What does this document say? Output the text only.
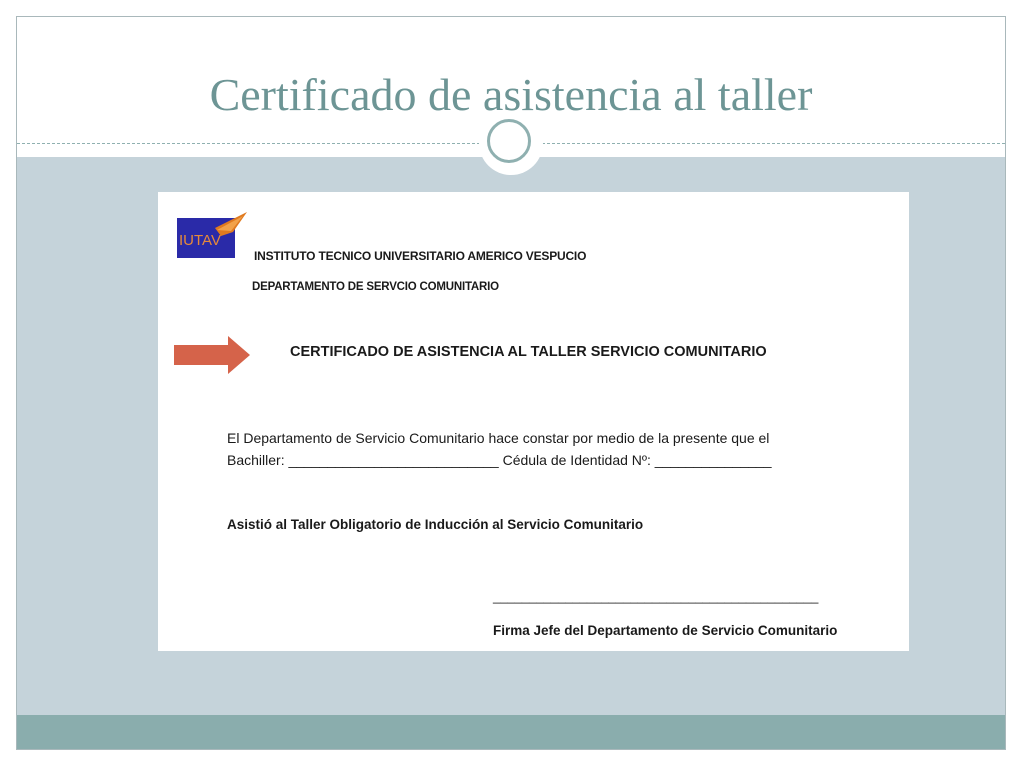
Certificado de asistencia al taller
IUTAV
INSTITUTO TECNICO UNIVERSITARIO AMERICO VESPUCIO
DEPARTAMENTO DE SERVCIO COMUNITARIO
CERTIFICADO DE ASISTENCIA AL TALLER SERVICIO COMUNITARIO

El Departamento de Servicio Comunitario hace constar por medio de la presente que el

Bachiller: ___________________________ Cédula de Identidad Nº: _______________

Asistió al Taller Obligatorio de Inducción al Servicio Comunitario
_____________________________________________
Firma Jefe del Departamento de Servicio Comunitario
